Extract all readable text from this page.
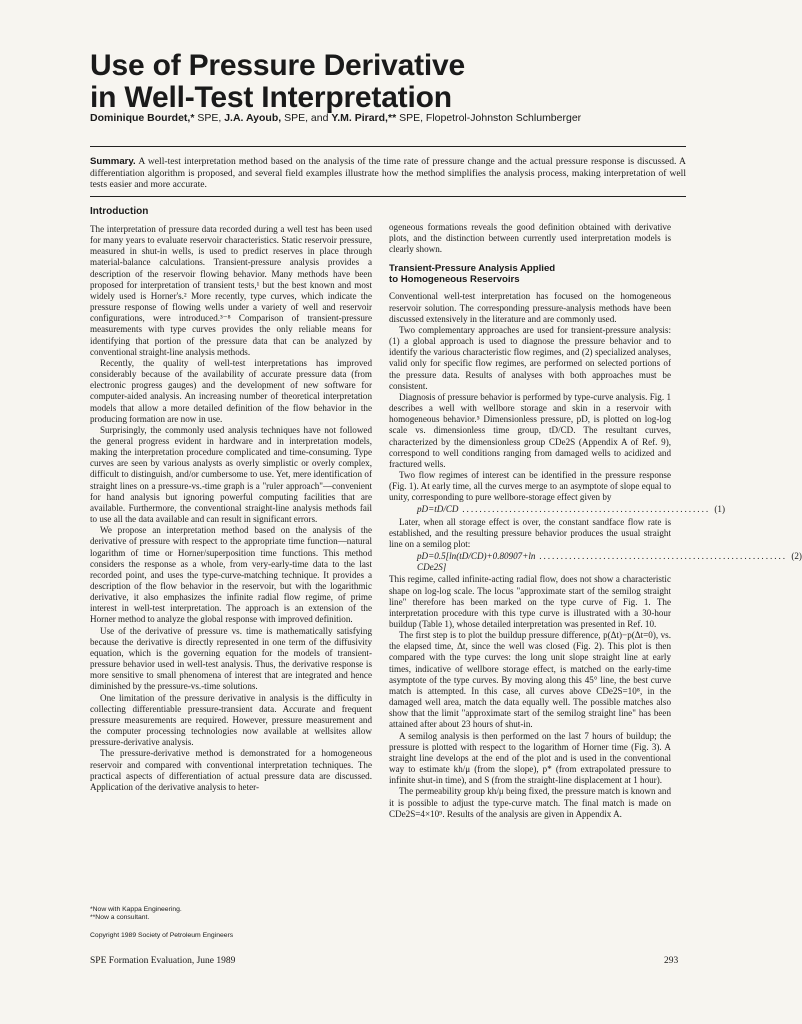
Use of Pressure Derivative
in Well-Test Interpretation
Dominique Bourdet,* SPE, J.A. Ayoub, SPE, and Y.M. Pirard,** SPE, Flopetrol-Johnston Schlumberger
Summary. A well-test interpretation method based on the analysis of the time rate of pressure change and the actual pressure response is discussed. A differentiation algorithm is proposed, and several field examples illustrate how the method simplifies the analysis process, making interpretation of well tests easier and more accurate.
Introduction

The interpretation of pressure data recorded during a well test has been used for many years to evaluate reservoir characteristics. Static reservoir pressure, measured in shut-in wells, is used to predict reserves in place through material-balance calculations. Transient-pressure analysis provides a description of the reservoir flowing behavior. Many methods have been proposed for interpretation of transient tests,¹ but the best known and most widely used is Horner's.² More recently, type curves, which indicate the pressure response of flowing wells under a variety of well and reservoir configurations, were introduced.³⁻⁸ Comparison of transient-pressure measurements with type curves provides the only reliable means for identifying that portion of the pressure data that can be analyzed by conventional straight-line analysis methods.

Recently, the quality of well-test interpretations has improved considerably because of the availability of accurate pressure data (from electronic progress gauges) and the development of new software for computer-aided analysis. An increasing number of theoretical interpretation models that allow a more detailed definition of the flow behavior in the producing formation are now in use.

Surprisingly, the commonly used analysis techniques have not followed the general progress evident in hardware and in interpretation models, making the interpretation procedure complicated and time-consuming. Type curves are seen by various analysts as overly simplistic or overly complex, difficult to distinguish, and/or cumbersome to use. Yet, mere identification of straight lines on a pressure-vs.-time graph is a "ruler approach"—convenient for hand analysis but ignoring powerful computing facilities that are available. Furthermore, the conventional straight-line analysis methods fail to use all the data available and can result in significant errors.

We propose an interpretation method based on the analysis of the derivative of pressure with respect to the appropriate time function—natural logarithm of time or Horner/superposition time functions. This method considers the response as a whole, from very-early-time data to the last recorded point, and uses the type-curve-matching technique. It provides a description of the flow behavior in the reservoir, but with the logarithmic derivative, it also emphasizes the infinite radial flow regime, of prime interest in well-test interpretation. The approach is an extension of the Horner method to analyze the global response with improved definition.

Use of the derivative of pressure vs. time is mathematically satisfying because the derivative is directly represented in one term of the diffusivity equation, which is the governing equation for the models of transient-pressure behavior used in well-test analysis. Thus, the derivative response is more sensitive to small phenomena of interest that are integrated and hence diminished by the pressure-vs.-time solutions.

One limitation of the pressure derivative in analysis is the difficulty in collecting differentiable pressure-transient data. Accurate and frequent pressure measurements are required. However, pressure measurement and the computer processing technologies now available at wellsites allow pressure-derivative analysis.

The pressure-derivative method is demonstrated for a homogeneous reservoir and compared with conventional interpretation techniques. The practical aspects of differentiation of actual pressure data are discussed. Application of the derivative analysis to heter-

ogeneous formations reveals the good definition obtained with derivative plots, and the distinction between currently used interpretation models is clearly shown.

Transient-Pressure Analysis Applied
to Homogeneous Reservoirs

Conventional well-test interpretation has focused on the homogeneous reservoir solution. The corresponding pressure-analysis methods have been discussed extensively in the literature and are commonly used.

Two complementary approaches are used for transient-pressure analysis: (1) a global approach is used to diagnose the pressure behavior and to identify the various characteristic flow regimes, and (2) specialized analyses, valid only for specific flow regimes, are performed on selected portions of the pressure data. Results of analyses with both approaches must be consistent.

Diagnosis of pressure behavior is performed by type-curve analysis. Fig. 1 describes a well with wellbore storage and skin in a reservoir with homogeneous behavior.⁵ Dimensionless pressure, pD, is plotted on log-log scale vs. dimensionless time group, tD/CD. The resultant curves, characterized by the dimensionless group CDe2S (Appendix A of Ref. 9), correspond to well conditions ranging from damaged wells to acidized and fractured wells.

Two flow regimes of interest can be identified in the pressure response (Fig. 1). At early time, all the curves merge to an asymptote of slope equal to unity, corresponding to pure wellbore-storage effect given by

pD=tD/CD .......................................................... (1)

Later, when all storage effect is over, the constant sandface flow rate is established, and the resulting pressure behavior produces the usual straight line on a semilog plot:

pD=0.5[ln(tD/CD)+0.80907+ln CDe2S]
.......................................................... (2)

This regime, called infinite-acting radial flow, does not show a characteristic shape on log-log scale. The locus "approximate start of the semilog straight line" therefore has been marked on the type curve of Fig. 1. The interpretation procedure with this type curve is illustrated with a 30-hour buildup (Table 1), whose detailed interpretation was presented in Ref. 10.

The first step is to plot the buildup pressure difference, p(Δt)−p(Δt=0), vs. the elapsed time, Δt, since the well was closed (Fig. 2). This plot is then compared with the type curves: the long unit slope straight line at early times, indicative of wellbore storage effect, is matched on the early-time asymptote of the type curves. By moving along this 45° line, the best curve match is attempted. In this case, all curves above CDe2S=10⁸, in the damaged well area, match the data equally well. The possible matches also show that the limit "approximate start of the semilog straight line" has been attained after about 23 hours of shut-in.

A semilog analysis is then performed on the last 7 hours of buildup; the pressure is plotted with respect to the logarithm of Horner time (Fig. 3). A straight line develops at the end of the plot and is used in the conventional way to estimate kh/μ (from the slope), p* (from extrapolated pressure to infinite shut-in time), and S (from the straight-line displacement at 1 hour).

The permeability group kh/μ being fixed, the pressure match is known and it is possible to adjust the type-curve match. The final match is made on CDe2S=4×10⁹. Results of the analysis are given in Appendix A.

*Now with Kappa Engineering.
**Now a consultant.
Copyright 1989 Society of Petroleum Engineers
SPE Formation Evaluation, June 1989	293
